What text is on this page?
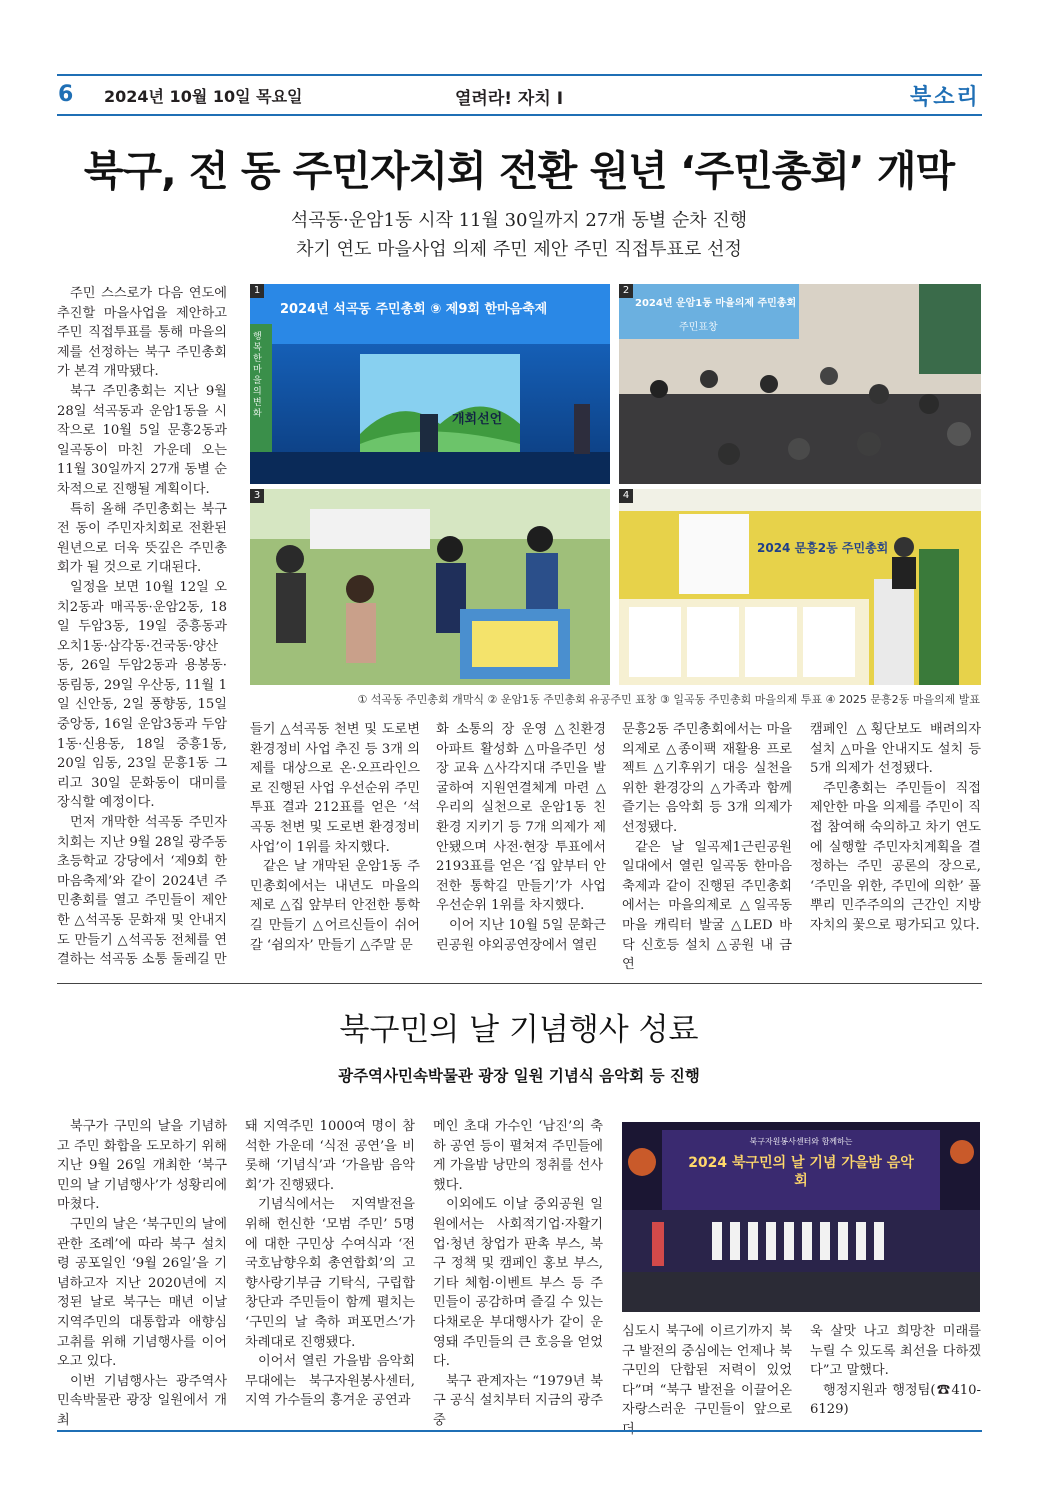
6 2024년 10월 10일 목요일	열려라! 자치 Ⅰ	북소리
북구, 전 동 주민자치회 전환 원년 ‘주민총회’ 개막
석곡동·운암1동 시작 11월 30일까지 27개 동별 순차 진행
차기 연도 마을사업 의제 주민 제안 주민 직접투표로 선정

주민 스스로가 다음 연도에 추진할 마을사업을 제안하고 주민 직접투표를 통해 마을의제를 선정하는 북구 주민총회가 본격 개막됐다.

북구 주민총회는 지난 9월 28일 석곡동과 운암1동을 시작으로 10월 5일 문흥2동과 일곡동이 마친 가운데 오는 11월 30일까지 27개 동별 순차적으로 진행될 계획이다.

특히 올해 주민총회는 북구 전 동이 주민자치회로 전환된 원년으로 더욱 뜻깊은 주민총회가 될 것으로 기대된다.

일정을 보면 10월 12일 오치2동과 매곡동·운암2동, 18일 두암3동, 19일 중흥동과 오치1동·삼각동·건국동·양산동, 26일 두암2동과 용봉동·동림동, 29일 우산동, 11월 1일 신안동, 2일 풍향동, 15일 중앙동, 16일 운암3동과 두암1동·신용동, 18일 중흥1동, 20일 임동, 23일 문흥1동 그리고 30일 문화동이 대미를 장식할 예정이다.

먼저 개막한 석곡동 주민자치회는 지난 9월 28일 광주동초등학교 강당에서 ‘제9회 한마음축제’와 같이 2024년 주민총회를 열고 주민들이 제안한 △석곡동 문화재 및 안내지도 만들기 △석곡동 전체를 연결하는 석곡동 소통 둘레길 만

2024년 석곡동 주민총회 ⑨ 제9회 한마음축제
개회선언
행복한 마을의 변화
1
2024년 운암1동 마을의제 주민총회
주민표창
2
3
2024 문흥2동 주민총회
4
① 석곡동 주민총회 개막식 ② 운암1동 주민총회 유공주민 표창 ③ 일곡동 주민총회 마을의제 투표 ④ 2025 문흥2동 마을의제 발표

들기 △석곡동 천변 및 도로변 환경정비 사업 추진 등 3개 의제를 대상으로 온·오프라인으로 진행된 사업 우선순위 주민투표 결과 212표를 얻은 ‘석곡동 천변 및 도로변 환경정비 사업’이 1위를 차지했다.

같은 날 개막된 운암1동 주민총회에서는 내년도 마을의제로 △집 앞부터 안전한 통학길 만들기 △어르신들이 쉬어 갈 ‘쉼의자’ 만들기 △주말 문

화 소통의 장 운영 △친환경 아파트 활성화 △마을주민 성장 교육 △사각지대 주민을 발굴하여 지원연결체계 마련 △우리의 실천으로 운암1동 친환경 지키기 등 7개 의제가 제안됐으며 사전·현장 투표에서 2193표를 얻은 ‘집 앞부터 안전한 통학길 만들기’가 사업 우선순위 1위를 차지했다.

이어 지난 10월 5일 문화근린공원 야외공연장에서 열린

문흥2동 주민총회에서는 마을의제로 △종이팩 재활용 프로젝트 △기후위기 대응 실천을 위한 환경강의 △가족과 함께 즐기는 음악회 등 3개 의제가 선정됐다.

같은 날 일곡제1근린공원 일대에서 열린 일곡동 한마음 축제과 같이 진행된 주민총회에서는 마을의제로 △일곡동 마을 캐릭터 발굴 △LED 바닥 신호등 설치 △공원 내 금연

캠페인 △횡단보도 배려의자 설치 △마을 안내지도 설치 등 5개 의제가 선정됐다.

주민총회는 주민들이 직접 제안한 마을 의제를 주민이 직접 참여해 숙의하고 차기 연도에 실행할 주민자치계획을 결정하는 주민 공론의 장으로, ‘주민을 위한, 주민에 의한’ 풀뿌리 민주주의의 근간인 지방자치의 꽃으로 평가되고 있다.

북구민의 날 기념행사 성료
광주역사민속박물관 광장 일원 기념식 음악회 등 진행

북구가 구민의 날을 기념하고 주민 화합을 도모하기 위해 지난 9월 26일 개최한 ‘북구민의 날 기념행사’가 성황리에 마쳤다.

구민의 날은 ‘북구민의 날에 관한 조례’에 따라 북구 설치령 공포일인 ‘9월 26일’을 기념하고자 지난 2020년에 지정된 날로 북구는 매년 이날 지역주민의 대통합과 애향심 고취를 위해 기념행사를 이어오고 있다.

이번 기념행사는 광주역사민속박물관 광장 일원에서 개최

돼 지역주민 1000여 명이 참석한 가운데 ‘식전 공연’을 비롯해 ‘기념식’과 ‘가을밤 음악회’가 진행됐다.

기념식에서는 지역발전을 위해 헌신한 ‘모범 주민’ 5명에 대한 구민상 수여식과 ‘전국호남향우회 총연합회’의 고향사랑기부금 기탁식, 구립합창단과 주민들이 함께 펼치는 ‘구민의 날 축하 퍼포먼스’가 차례대로 진행됐다.

이어서 열린 가을밤 음악회 무대에는 북구자원봉사센터, 지역 가수들의 흥겨운 공연과

메인 초대 가수인 ‘남진’의 축하 공연 등이 펼쳐져 주민들에게 가을밤 낭만의 정취를 선사했다.

이외에도 이날 중외공원 일원에서는 사회적기업·자활기업·청년 창업가 판촉 부스, 북구 정책 및 캠페인 홍보 부스, 기타 체험·이벤트 부스 등 주민들이 공감하며 즐길 수 있는 다채로운 부대행사가 같이 운영돼 주민들의 큰 호응을 얻었다.

북구 관계자는 “1979년 북구 공식 설치부터 지금의 광주 중

북구자원봉사센터와 함께하는
2024 북구민의 날 기념 가을밤 음악회

심도시 북구에 이르기까지 북구 발전의 중심에는 언제나 북구민의 단합된 저력이 있었다”며 “북구 발전을 이끌어온 자랑스러운 구민들이 앞으로

욱 살맛 나고 희망찬 미래를 누릴 수 있도록 최선을 다하겠다”고 말했다.

행정지원과 행정팀(☎410-6129)
